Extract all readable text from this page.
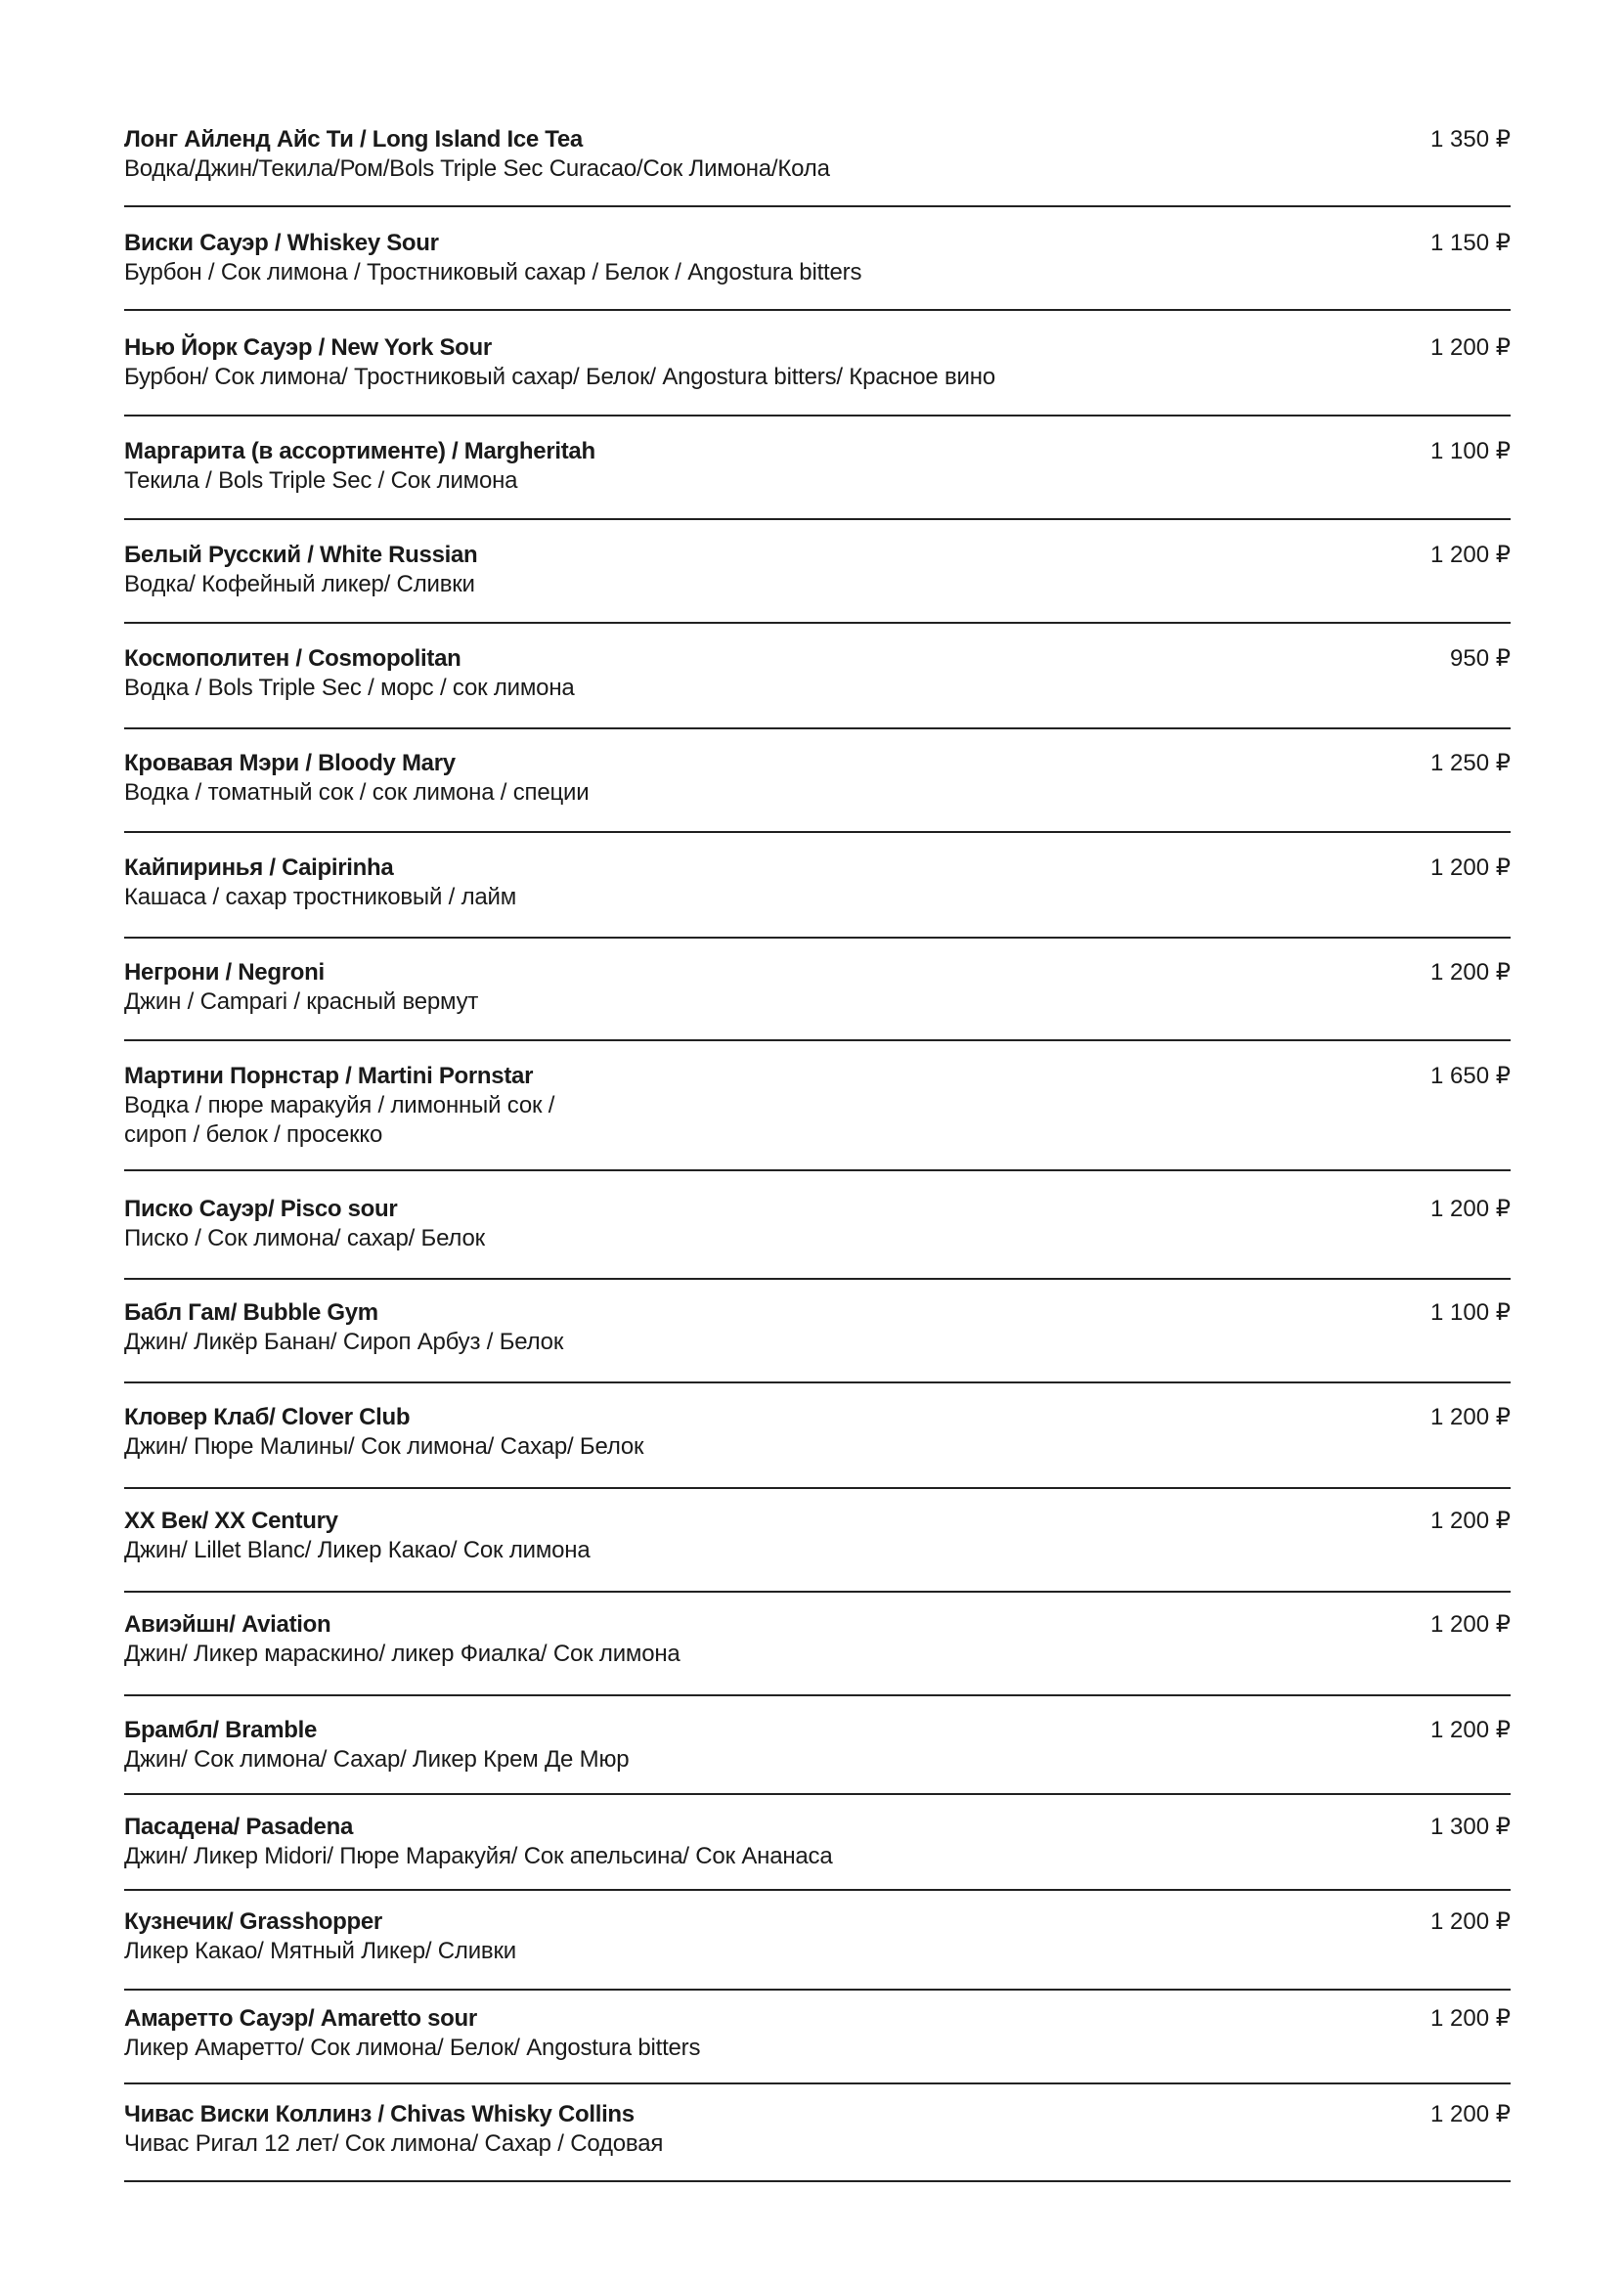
Лонг Айленд Айс Ти / Long Island Ice Tea
Водка/Джин/Текила/Ром/Bols Triple Sec Curacao/Сок Лимона/Кола
1 350 ₽
Виски Сауэр / Whiskey Sour
Бурбон / Сок лимона / Тростниковый сахар / Белок / Angostura bitters
1 150 ₽
Нью Йорк Сауэр / New York Sour
Бурбон/ Сок лимона/ Тростниковый сахар/ Белок/ Angostura bitters/ Красное вино
1 200 ₽
Маргарита (в ассортименте) / Margheritah
Текила / Bols Triple Sec / Сок лимона
1 100 ₽
Белый Русский / White Russian
Водка/ Кофейный ликер/ Сливки
1 200 ₽
Космополитен / Cosmopolitan
Водка / Bols Triple Sec / морс / сок лимона
950 ₽
Кровавая Мэри / Bloody Mary
Водка / томатный сок / сок лимона / специи
1 250 ₽
Кайпиринья / Caipirinha
Кашаса / сахар тростниковый / лайм
1 200 ₽
Негрони / Negroni
Джин / Campari / красный вермут
1 200 ₽
Мартини Порнстар / Martini Pornstar
Водка / пюре маракуйя / лимонный сок /
сироп / белок / просекко
1 650 ₽
Писко Сауэр/ Pisco sour
Писко / Сок лимона/ сахар/ Белок
1 200 ₽
Бабл Гам/ Bubble Gym
Джин/ Ликёр Банан/ Сироп Арбуз / Белок
1 100 ₽
Кловер Клаб/ Clover Club
Джин/ Пюре Малины/ Сок лимона/ Сахар/ Белок
1 200 ₽
XX Век/ XX Century
Джин/ Lillet Blanc/ Ликер Какао/ Сок лимона
1 200 ₽
Авиэйшн/ Aviation
Джин/ Ликер мараскино/ ликер Фиалка/ Сок лимона
1 200 ₽
Брамбл/ Bramble
Джин/ Сок лимона/ Сахар/ Ликер Крем Де Мюр
1 200 ₽
Пасадена/ Pasadena
Джин/ Ликер Midori/ Пюре Маракуйя/ Сок апельсина/ Сок Ананаса
1 300 ₽
Кузнечик/ Grasshopper
Ликер Какао/ Мятный Ликер/ Сливки
1 200 ₽
Амаретто Сауэр/ Amaretto sour
Ликер Амаретто/ Сок лимона/ Белок/ Angostura bitters
1 200 ₽
Чивас Виски Коллинз / Chivas Whisky Collins
Чивас Ригал 12 лет/ Сок лимона/ Сахар / Содовая
1 200 ₽
